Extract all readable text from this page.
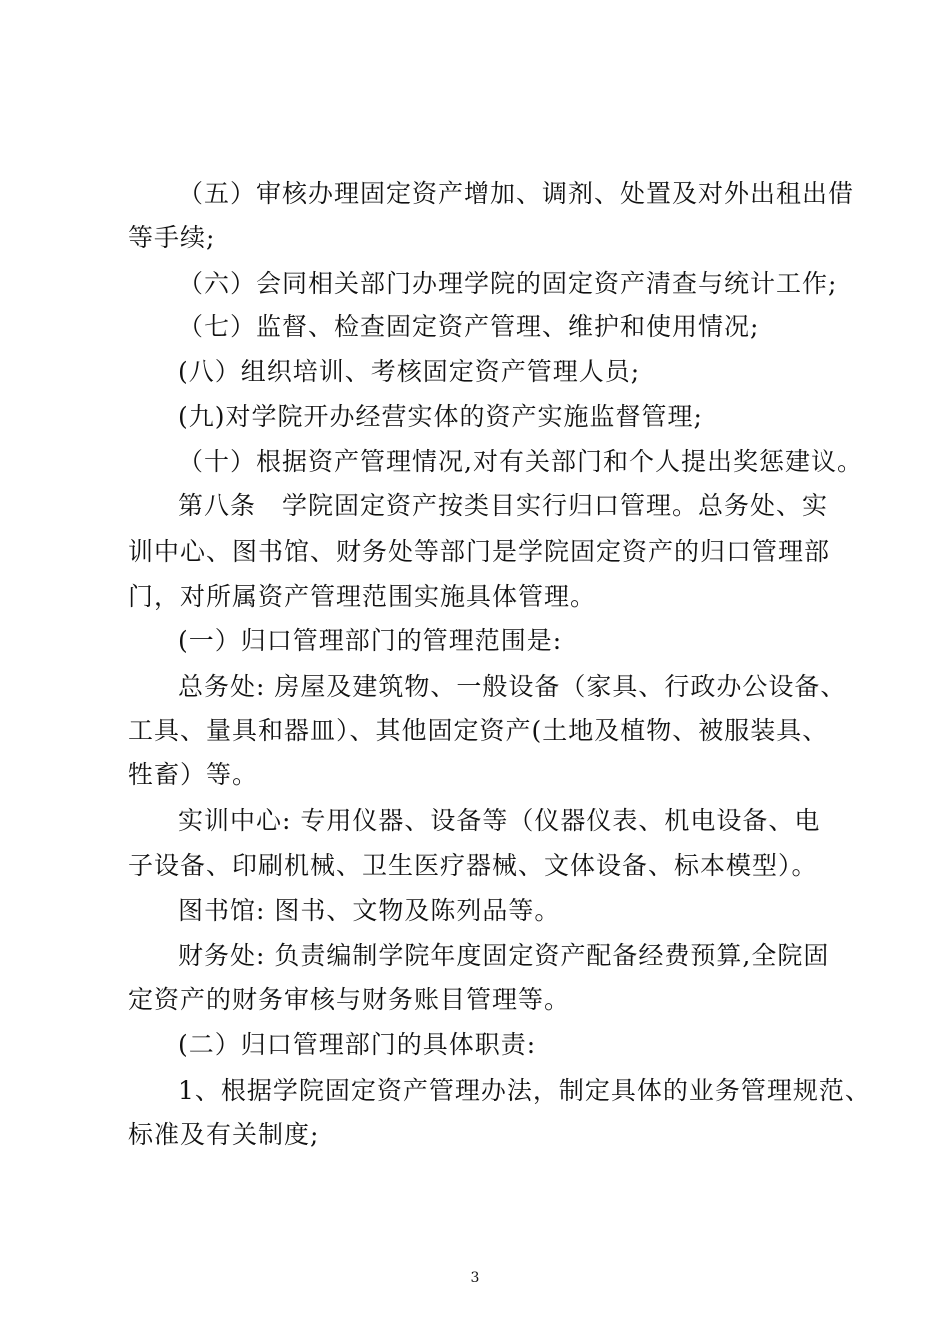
（五）审核办理固定资产增加、调剂、处置及对外出租出借
等手续;
（六）会同相关部门办理学院的固定资产清查与统计工作;
（七）监督、检查固定资产管理、维护和使用情况;
(八）组织培训、考核固定资产管理人员;
(九)对学院开办经营实体的资产实施监督管理;
（十）根据资产管理情况,对有关部门和个人提出奖惩建议。
第八条　学院固定资产按类目实行归口管理。总务处、实
训中心、图书馆、财务处等部门是学院固定资产的归口管理部
门，对所属资产管理范围实施具体管理。
(一）归口管理部门的管理范围是:
总务处: 房屋及建筑物、一般设备（家具、行政办公设备、
工具、量具和器皿）、其他固定资产(土地及植物、被服装具、
牲畜）等。
实训中心: 专用仪器、设备等（仪器仪表、机电设备、电
子设备、印刷机械、卫生医疗器械、文体设备、标本模型）。
图书馆: 图书、文物及陈列品等。
财务处: 负责编制学院年度固定资产配备经费预算,全院固
定资产的财务审核与财务账目管理等。
(二）归口管理部门的具体职责:
1、根据学院固定资产管理办法，制定具体的业务管理规范、
标准及有关制度;
3
